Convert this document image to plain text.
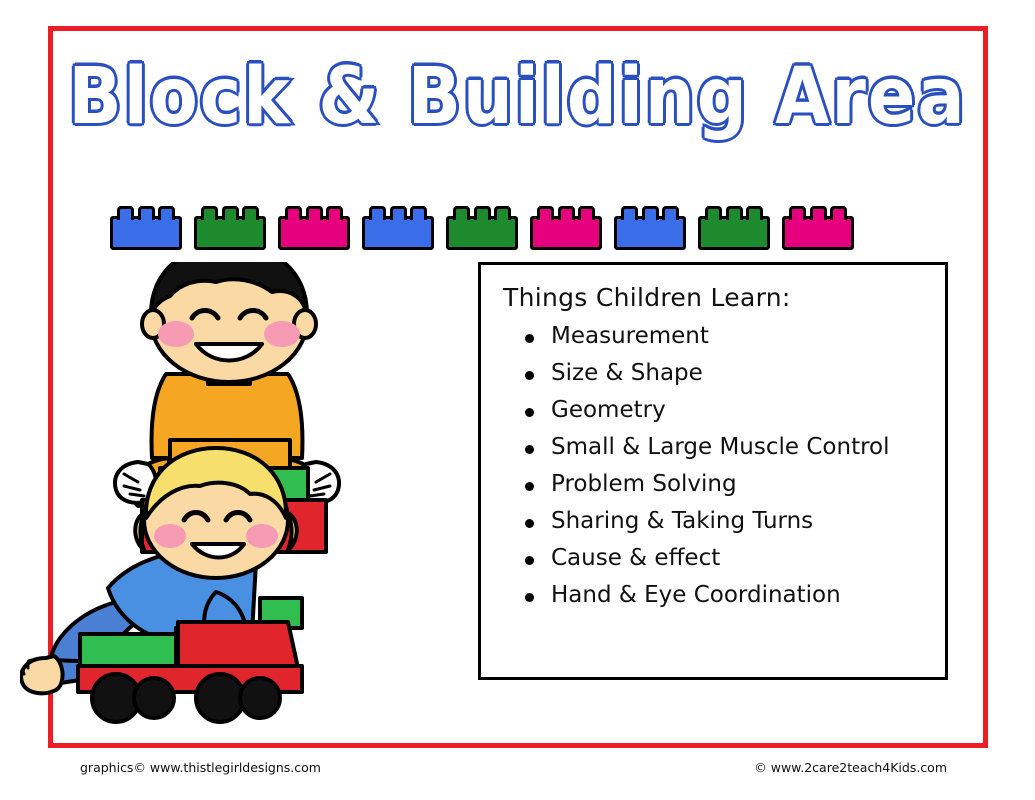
Block & Building Area
Things Children Learn:
Measurement
Size & Shape
Geometry
Small & Large Muscle Control
Problem Solving
Sharing & Taking Turns
Cause & effect
Hand & Eye Coordination
graphics© www.thistlegirldesigns.com	© www.2care2teach4Kids.com
